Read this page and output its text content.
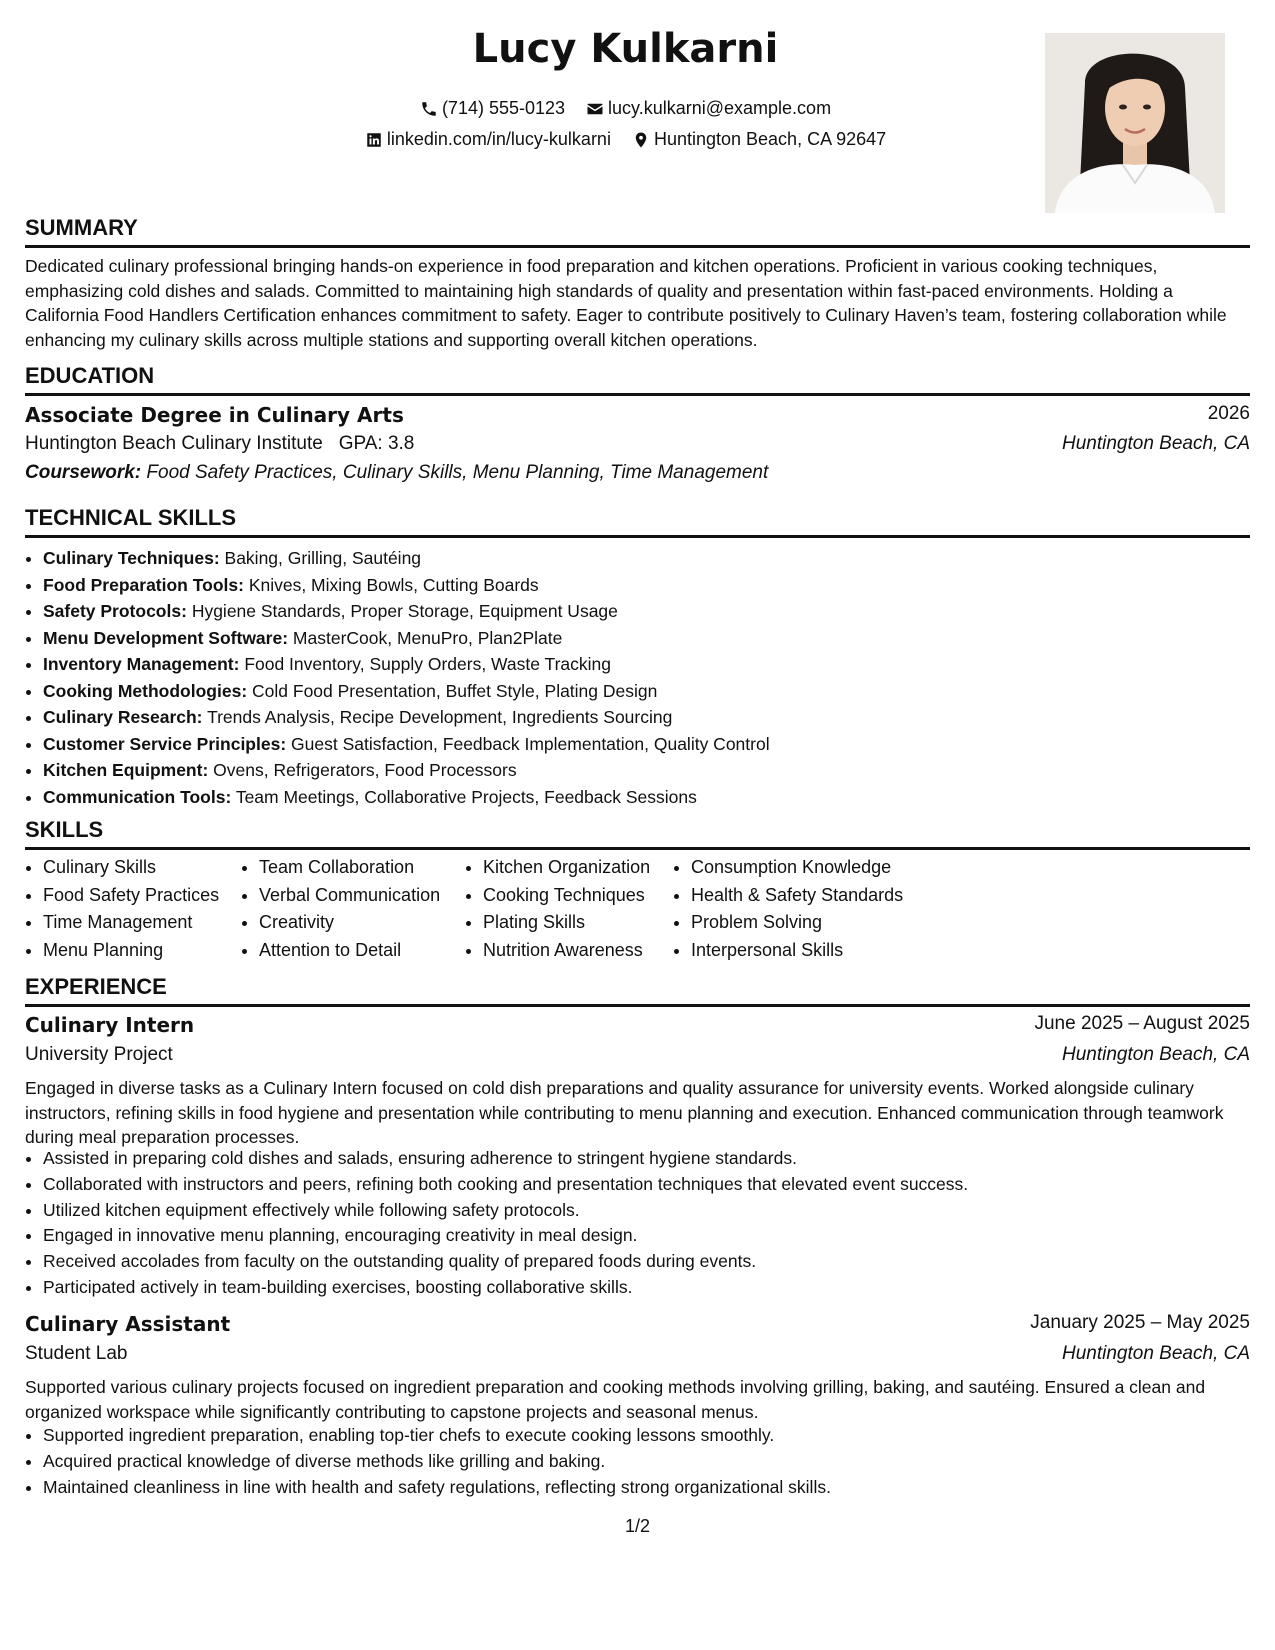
Lucy Kulkarni
(714) 555-0123
lucy.kulkarni@example.com
linkedin.com/in/lucy-kulkarni
Huntington Beach, CA 92647
SUMMARY

Dedicated culinary professional bringing hands-on experience in food preparation and kitchen operations. Proficient in various cooking techniques, emphasizing cold dishes and salads. Committed to maintaining high standards of quality and presentation within fast-paced environments. Holding a California Food Handlers Certification enhances commitment to safety. Eager to contribute positively to Culinary Haven’s team, fostering collaboration while enhancing my culinary skills across multiple stations and supporting overall kitchen operations.

EDUCATION
Associate Degree in Culinary Arts	2026
Huntington Beach Culinary Institute GPA: 3.8	Huntington Beach, CA
Coursework: Food Safety Practices, Culinary Skills, Menu Planning, Time Management
TECHNICAL SKILLS
• Culinary Techniques: Baking, Grilling, Sautéing
• Food Preparation Tools: Knives, Mixing Bowls, Cutting Boards
• Safety Protocols: Hygiene Standards, Proper Storage, Equipment Usage
• Menu Development Software: MasterCook, MenuPro, Plan2Plate
• Inventory Management: Food Inventory, Supply Orders, Waste Tracking
• Cooking Methodologies: Cold Food Presentation, Buffet Style, Plating Design
• Culinary Research: Trends Analysis, Recipe Development, Ingredients Sourcing
• Customer Service Principles: Guest Satisfaction, Feedback Implementation, Quality Control
• Kitchen Equipment: Ovens, Refrigerators, Food Processors
• Communication Tools: Team Meetings, Collaborative Projects, Feedback Sessions
SKILLS
• Culinary Skills
• Food Safety Practices
• Time Management
• Menu Planning
• Team Collaboration
• Verbal Communication
• Creativity
• Attention to Detail
• Kitchen Organization
• Cooking Techniques
• Plating Skills
• Nutrition Awareness
• Consumption Knowledge
• Health & Safety Standards
• Problem Solving
• Interpersonal Skills
EXPERIENCE
Culinary Intern	June 2025 – August 2025
University Project	Huntington Beach, CA

Engaged in diverse tasks as a Culinary Intern focused on cold dish preparations and quality assurance for university events. Worked alongside culinary instructors, refining skills in food hygiene and presentation while contributing to menu planning and execution. Enhanced communication through teamwork during meal preparation processes.

• Assisted in preparing cold dishes and salads, ensuring adherence to stringent hygiene standards.
• Collaborated with instructors and peers, refining both cooking and presentation techniques that elevated event success.
• Utilized kitchen equipment effectively while following safety protocols.
• Engaged in innovative menu planning, encouraging creativity in meal design.
• Received accolades from faculty on the outstanding quality of prepared foods during events.
• Participated actively in team-building exercises, boosting collaborative skills.
Culinary Assistant	January 2025 – May 2025
Student Lab	Huntington Beach, CA

Supported various culinary projects focused on ingredient preparation and cooking methods involving grilling, baking, and sautéing. Ensured a clean and organized workspace while significantly contributing to capstone projects and seasonal menus.

• Supported ingredient preparation, enabling top-tier chefs to execute cooking lessons smoothly.
• Acquired practical knowledge of diverse methods like grilling and baking.
• Maintained cleanliness in line with health and safety regulations, reflecting strong organizational skills.
1/2
